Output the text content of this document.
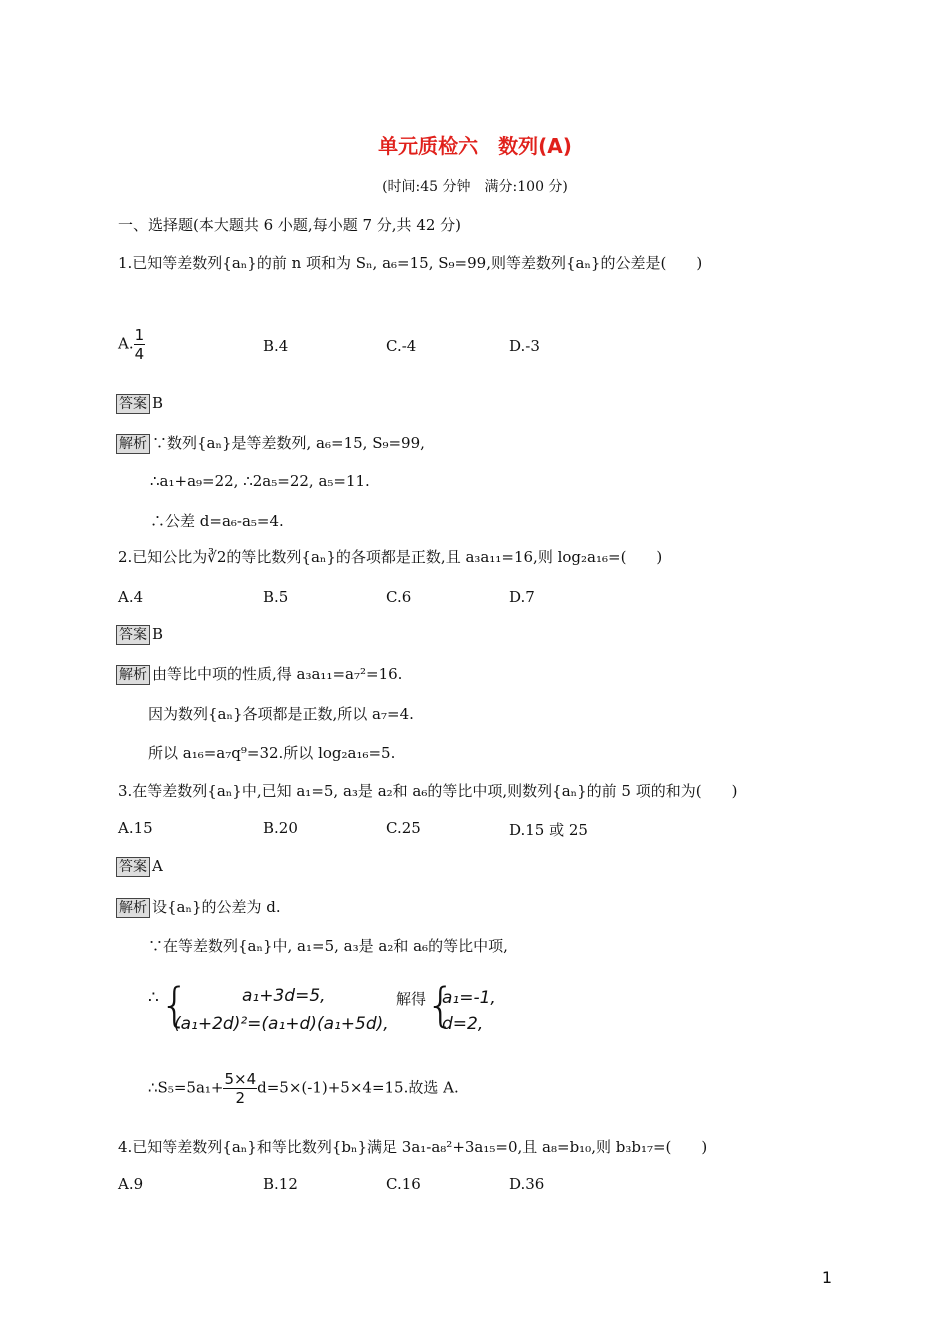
单元质检六　数列(A)
(时间:45 分钟　满分:100 分)
一、选择题(本大题共 6 小题,每小题 7 分,共 42 分)
1.已知等差数列{aₙ}的前 n 项和为 Sₙ, a₆=15, S₉=99,则等差数列{aₙ}的公差是(　　)
A. $\frac{1}{4}$	B.4	C.-4	D.-3
答案 B
解析 ∵数列{aₙ}是等差数列, a₆=15, S₉=99,
∴a₁+a₉=22, ∴2a₅=22, a₅=11.
∴公差 d=a₆-a₅=4.
2.已知公比为∛2的等比数列{aₙ}的各项都是正数,且 a₃a₁₁=16,则 log₂a₁₆=(　　)
A.4	B.5	C.6	D.7
答案 B
解析 由等比中项的性质,得 a₃a₁₁=a₇²=16.
因为数列{aₙ}各项都是正数,所以 a₇=4.
所以 a₁₆=a₇q⁹=32.所以 log₂a₁₆=5.
3.在等差数列{aₙ}中,已知 a₁=5, a₃是 a₂和 a₆的等比中项,则数列{aₙ}的前 5 项的和为(　　)
A.15	B.20	C.25	D.15 或 25
答案 A
解析 设{aₙ}的公差为 d.
∵在等差数列{aₙ}中, a₁=5, a₃是 a₂和 a₆的等比中项,
∴ {	a₁+3d=5,
(a₁+2d)²=(a₁+d)(a₁+5d),
解得 {
a₁=-1,
d=2,
∴S₅=5a₁+ $\frac{5\times 4}{2} d=5\times(-1)+5\times 4=15$.故选 A.
4.已知等差数列{aₙ}和等比数列{bₙ}满足 3a₁-a₈²+3a₁₅=0,且 a₈=b₁₀,则 b₃b₁₇=(　　)
A.9	B.12	C.16	D.36
1
